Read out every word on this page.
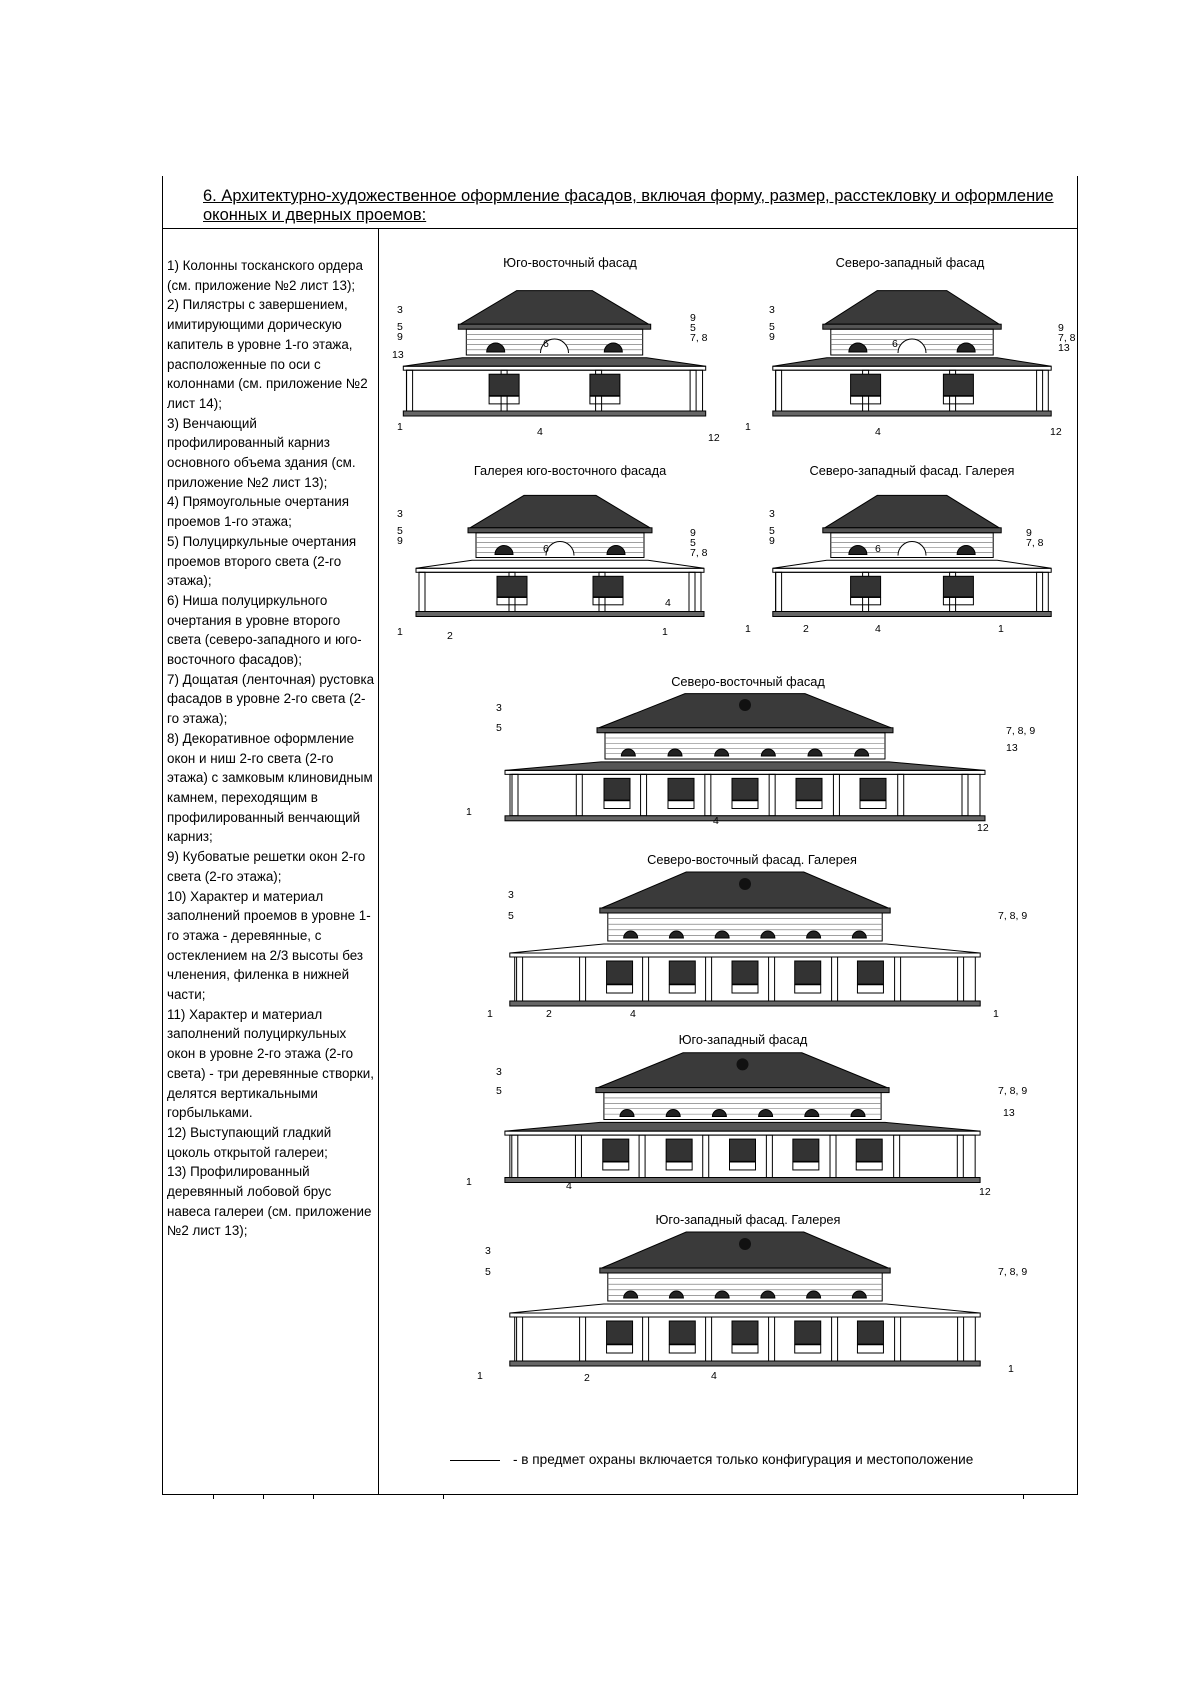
6. Архитектурно-художественное оформление фасадов, включая форму, размер, расстекловку и оформление оконных и дверных проемов:
1) Колонны тосканского ордера (см. приложение №2 лист 13);
2) Пилястры с завершением, имитирующими дорическую капитель в уровне 1-го этажа, расположенные по оси с колоннами (см. приложение №2 лист 14);
3) Венчающий профилированный карниз основного объема здания (см. приложение №2 лист 13);
4) Прямоугольные очертания проемов 1-го этажа;
5) Полуциркульные очертания проемов второго света (2-го этажа);
6) Ниша полуциркульного очертания в уровне второго света (северо-западного и юго-восточного фасадов);
7) Дощатая (ленточная) рустовка фасадов в уровне 2-го света (2-го этажа);
8) Декоративное оформление окон и ниш 2-го света (2-го этажа) с замковым клиновидным камнем, переходящим в профилированный венчающий карниз;
9) Кубоватые решетки окон 2-го света (2-го этажа);
10) Характер и материал заполнений проемов в уровне 1-го этажа - деревянные, с остеклением на 2/3 высоты без членения, филенка в нижней части;
11) Характер и материал заполнений полуциркульных окон в уровне 2-го этажа (2-го света) - три деревянные створки, делятся вертикальными горбыльками.
12) Выступающий гладкий цоколь открытой галереи;
13) Профилированный деревянный лобовой брус навеса галереи (см. приложение №2 лист 13);
Юго-восточный фасад	Северо-западный фасад
Галерея юго-восточного фасада	Северо-западный фасад. Галерея
Северо-восточный фасад
Северо-восточный фасад. Галерея
Юго-западный фасад
Юго-западный фасад. Галерея
3
5
9
13
9
5
7, 8
6
1	4	12
3
5
9
9
7, 8
13
6
1	4	12
3
5
9
9
5
7, 8
6
4
1	2	1
3
5
9
9
7, 8
6
1	2	4	1
3
5	7, 8, 9
13
1
4
12
3
5	7, 8, 9
1	2	4	1
3
5	7, 8, 9
13
1	4	12
3
5	7, 8, 9
1	2	4
1
- в предмет охраны включается только конфигурация и местоположение
